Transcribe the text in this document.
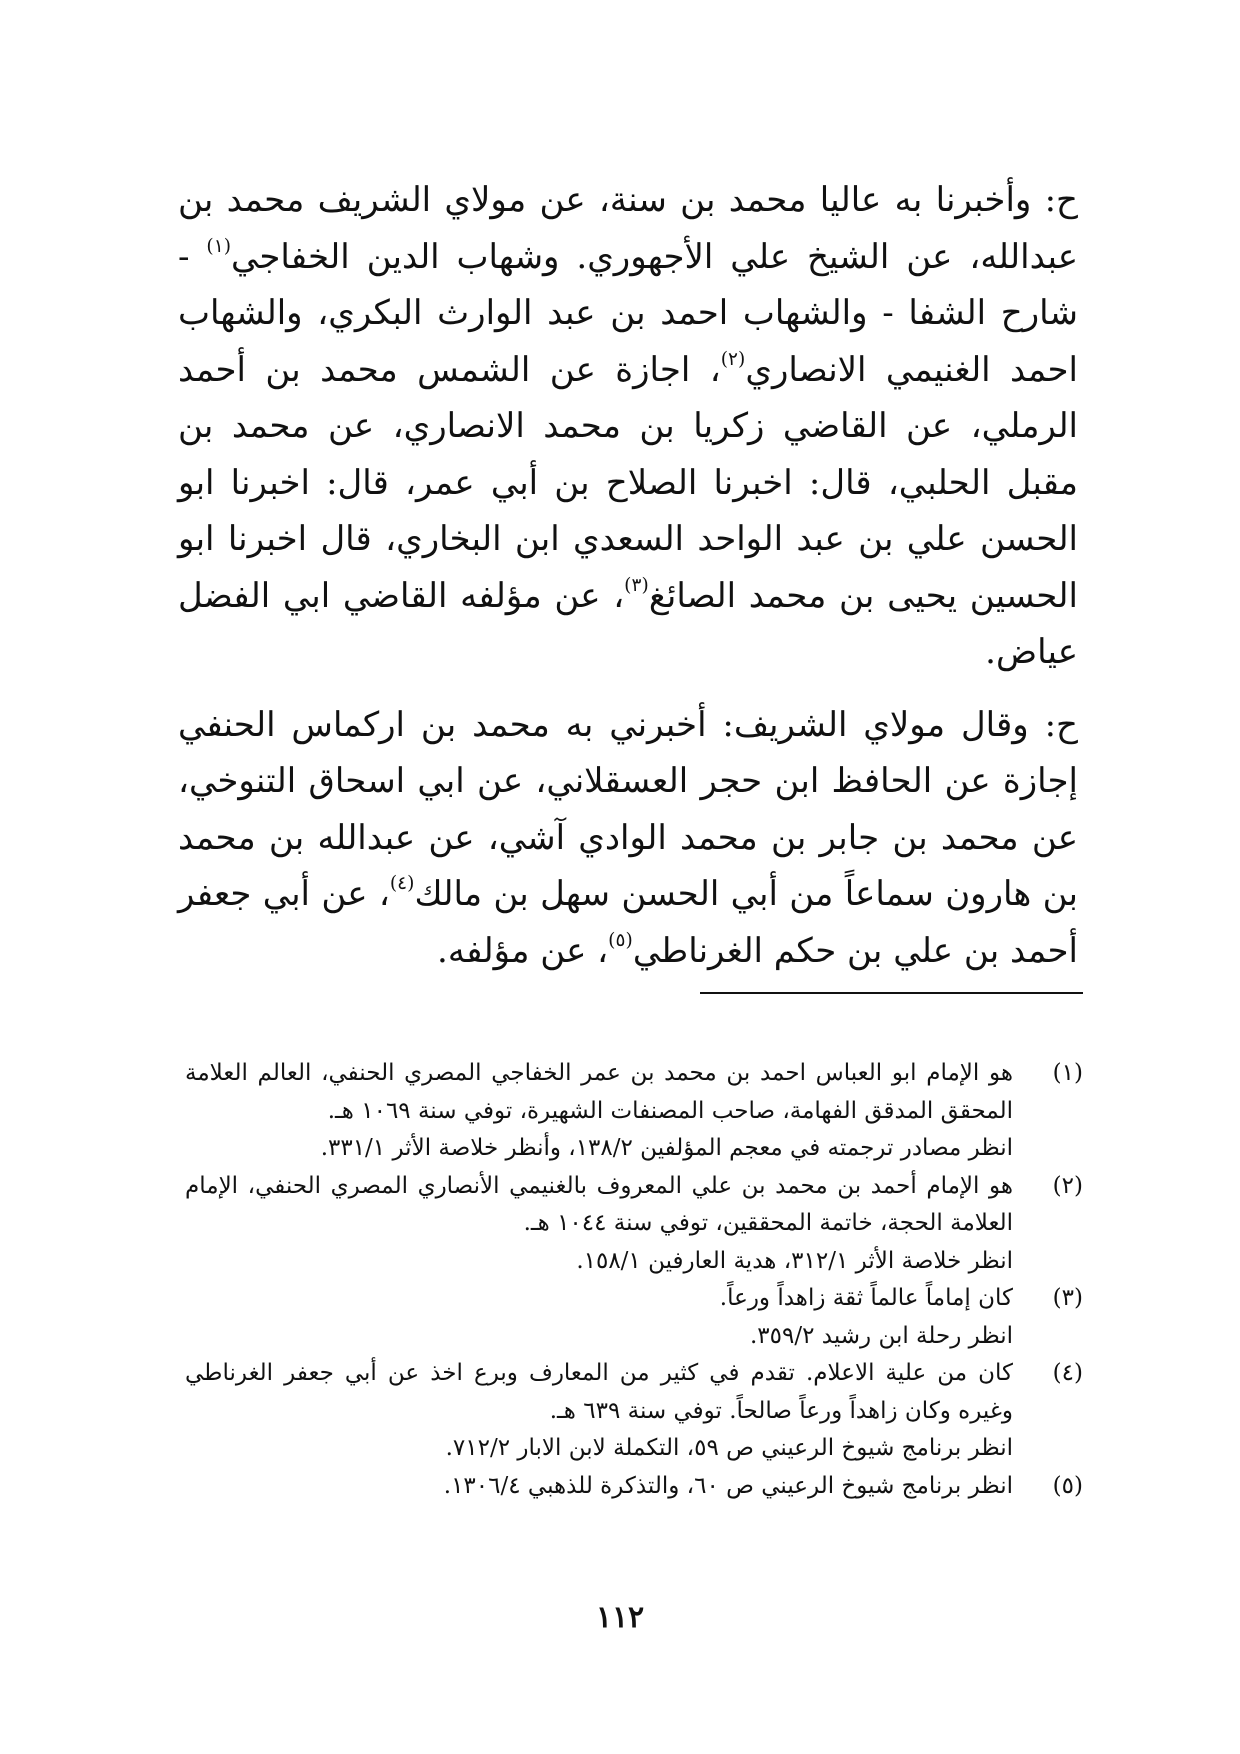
ح: وأخبرنا به عاليا محمد بن سنة، عن مولاي الشريف محمد بن عبدالله، عن الشيخ علي الأجهوري. وشهاب الدين الخفاجي$^{(١)}$ - شارح الشفا - والشهاب احمد بن عبد الوارث البكري، والشهاب احمد الغنيمي الانصاري$^{(٢)}$، اجازة عن الشمس محمد بن أحمد الرملي، عن القاضي زكريا بن محمد الانصاري، عن محمد بن مقبل الحلبي، قال: اخبرنا الصلاح بن أبي عمر، قال: اخبرنا ابو الحسن علي بن عبد الواحد السعدي ابن البخاري، قال اخبرنا ابو الحسين يحيى بن محمد الصائغ$^{(٣)}$، عن مؤلفه القاضي ابي الفضل عياض.

ح: وقال مولاي الشريف: أخبرني به محمد بن اركماس الحنفي إجازة عن الحافظ ابن حجر العسقلاني، عن ابي اسحاق التنوخي، عن محمد بن جابر بن محمد الوادي آشي، عن عبدالله بن محمد بن هارون سماعاً من أبي الحسن سهل بن مالك$^{(٤)}$، عن أبي جعفر أحمد بن علي بن حكم الغرناطي$^{(٥)}$، عن مؤلفه.

(١)
هو الإمام ابو العباس احمد بن محمد بن عمر الخفاجي المصري الحنفي، العالم العلامة المحقق المدقق الفهامة، صاحب المصنفات الشهيرة، توفي سنة ١٠٦٩ هـ.
انظر مصادر ترجمته في معجم المؤلفين ١٣٨/٢، وأنظر خلاصة الأثر ٣٣١/١.
(٢)
هو الإمام أحمد بن محمد بن علي المعروف بالغنيمي الأنصاري المصري الحنفي، الإمام العلامة الحجة، خاتمة المحققين، توفي سنة ١٠٤٤ هـ.
انظر خلاصة الأثر ٣١٢/١، هدية العارفين ١٥٨/١.
(٣)
كان إماماً عالماً ثقة زاهداً ورعاً.
انظر رحلة ابن رشيد ٣٥٩/٢.
(٤)
كان من علية الاعلام. تقدم في كثير من المعارف وبرع اخذ عن أبي جعفر الغرناطي وغيره وكان زاهداً ورعاً صالحاً. توفي سنة ٦٣٩ هـ.
انظر برنامج شيوخ الرعيني ص ٥٩، التكملة لابن الابار ٧١٢/٢.
(٥)
انظر برنامج شيوخ الرعيني ص ٦٠، والتذكرة للذهبي ١٣٠٦/٤.
١١٢
